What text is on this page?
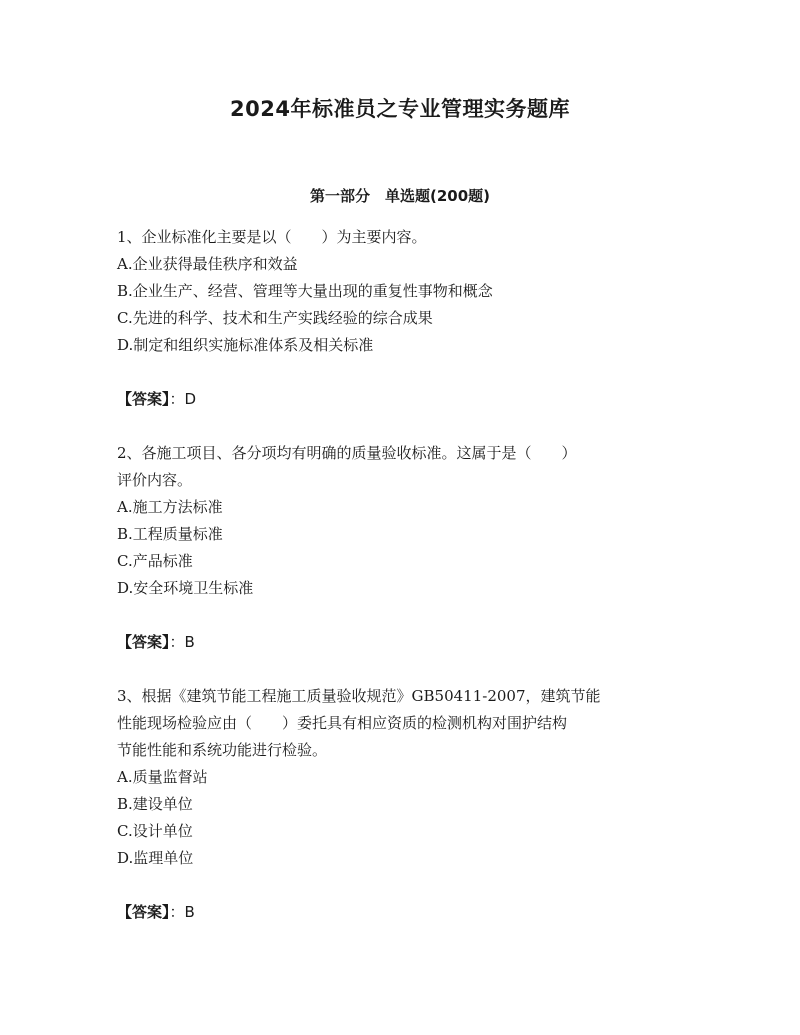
2024年标准员之专业管理实务题库
第一部分　单选题(200题)

1、企业标准化主要是以（　　）为主要内容。

A.企业获得最佳秩序和效益

B.企业生产、经营、管理等大量出现的重复性事物和概念

C.先进的科学、技术和生产实践经验的综合成果

D.制定和组织实施标准体系及相关标准

【答案】：D

2、各施工项目、各分项均有明确的质量验收标准。这属于是（　　）

评价内容。

A.施工方法标准

B.工程质量标准

C.产品标准

D.安全环境卫生标准

【答案】：B

3、根据《建筑节能工程施工质量验收规范》GB50411-2007，建筑节能

性能现场检验应由（　　）委托具有相应资质的检测机构对围护结构

节能性能和系统功能进行检验。

A.质量监督站

B.建设单位

C.设计单位

D.监理单位

【答案】：B
